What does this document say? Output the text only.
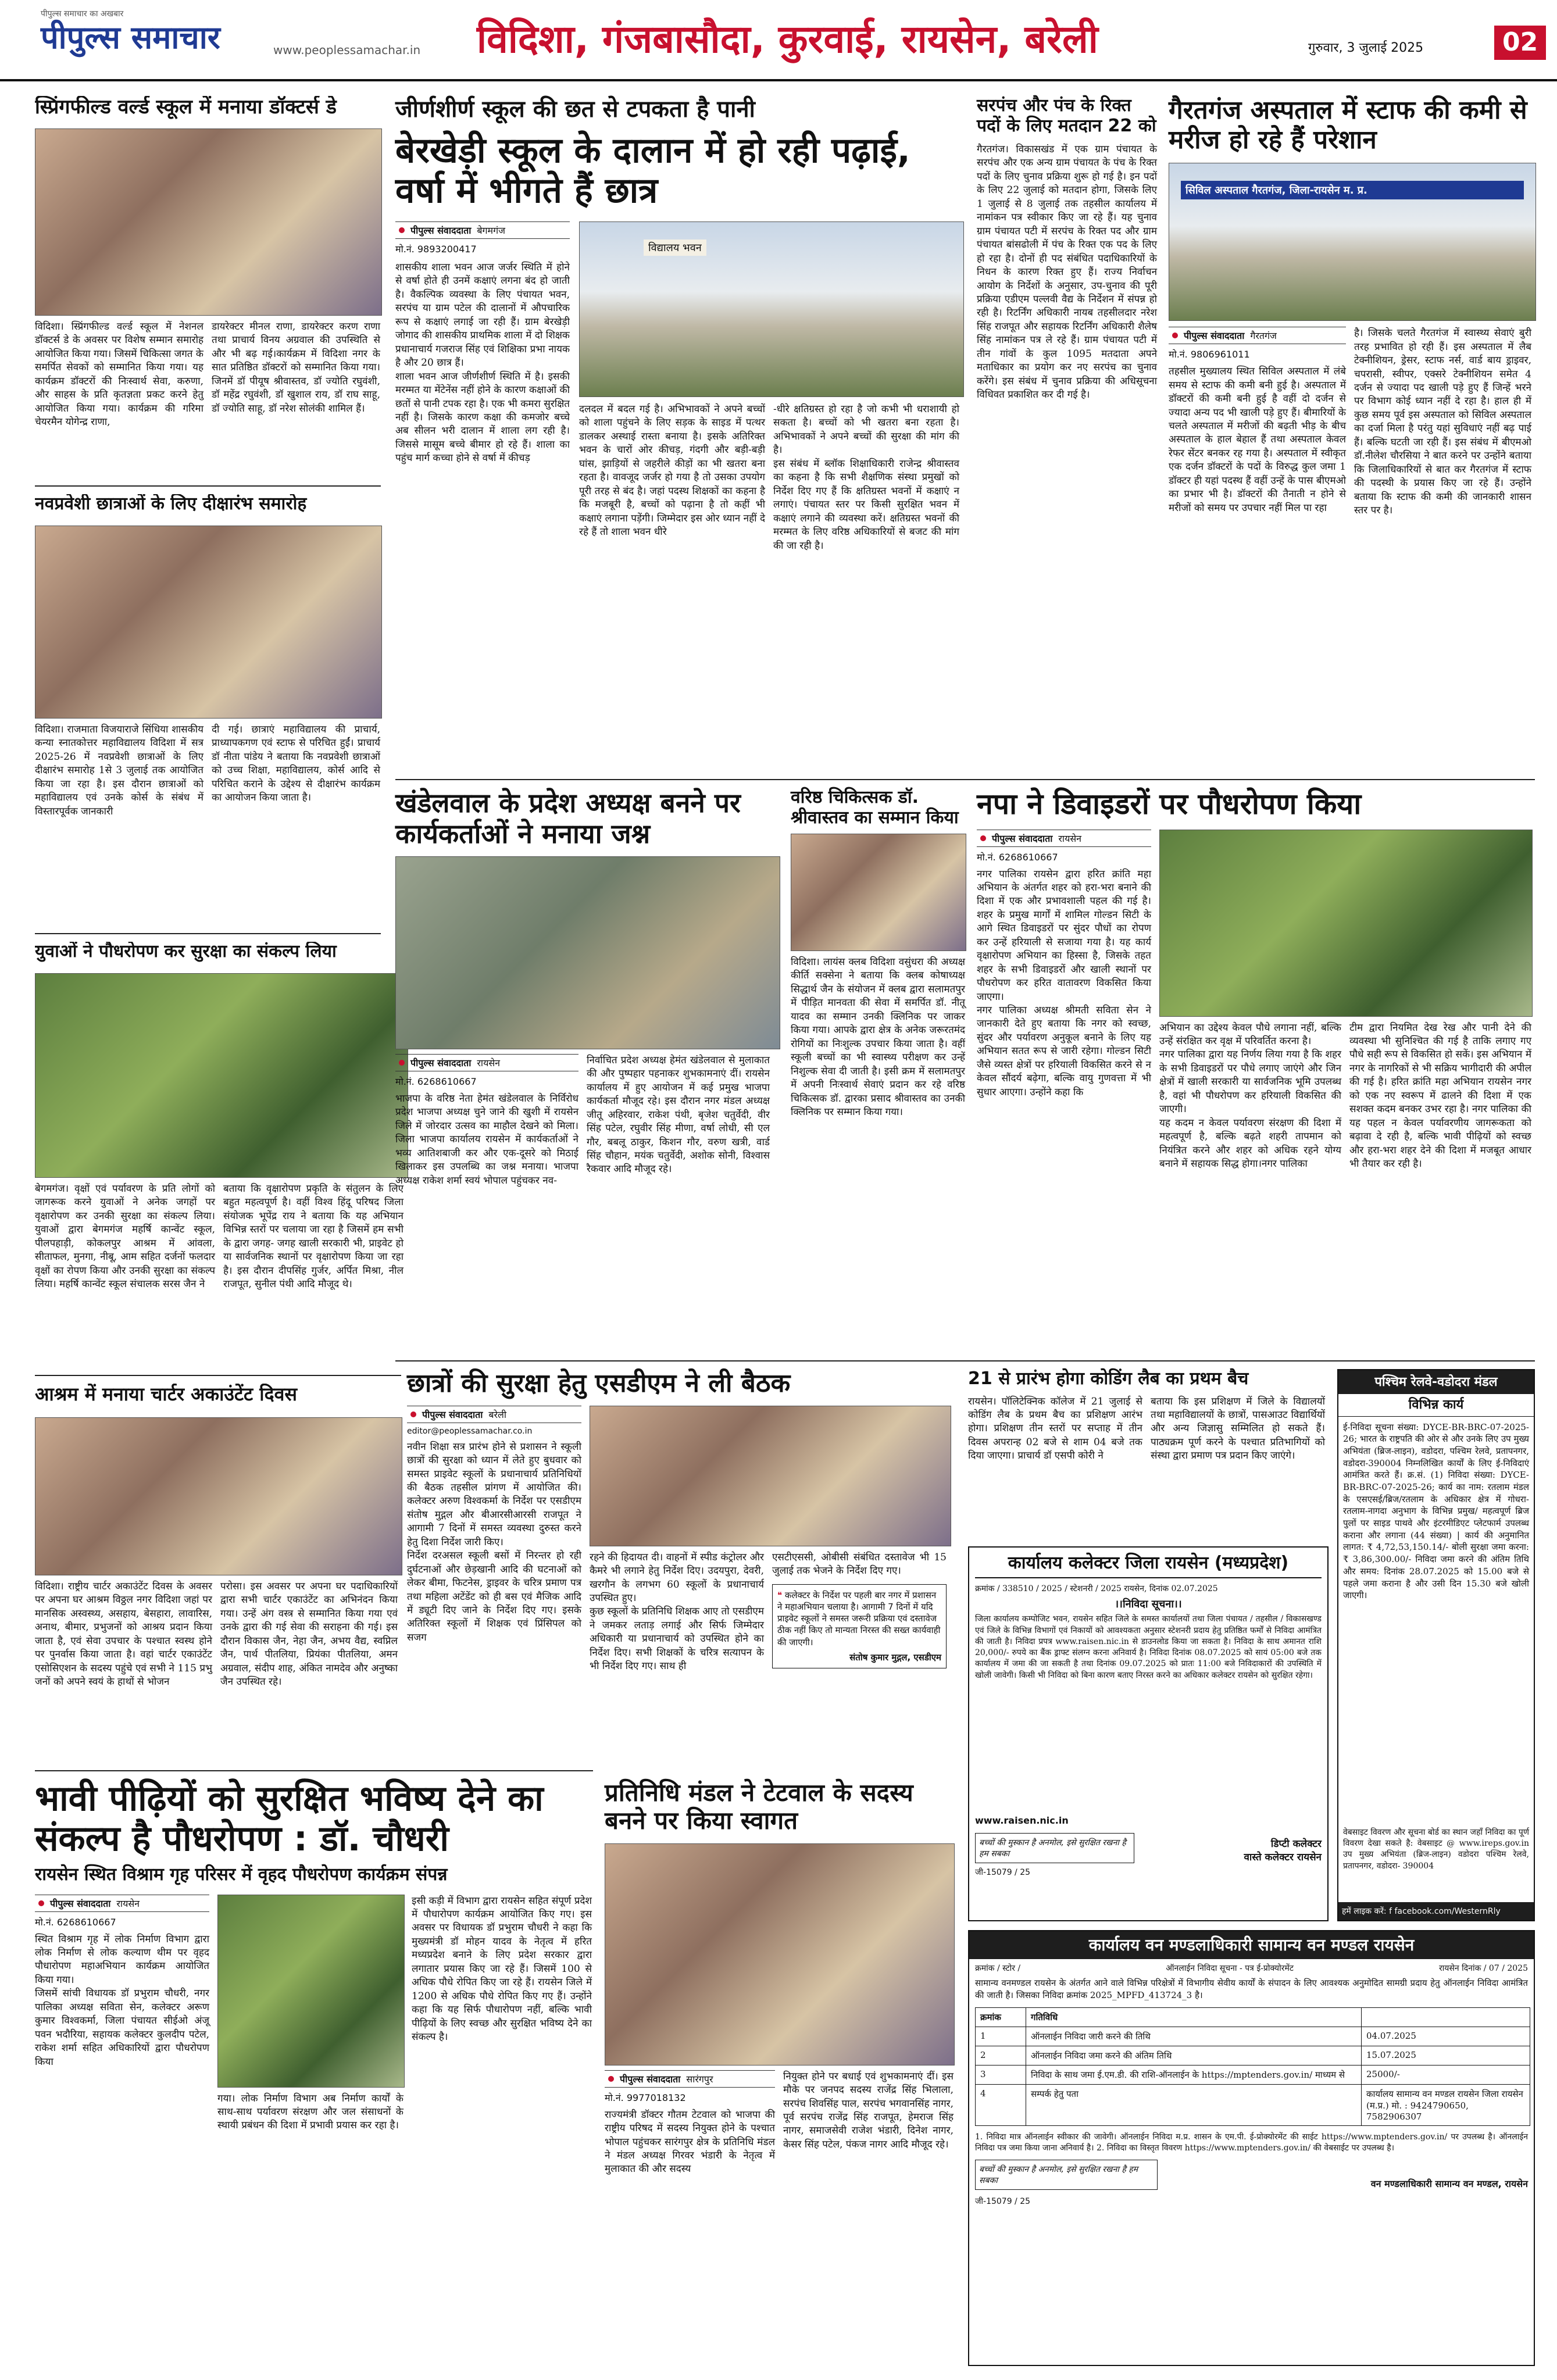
पीपुल्स समाचार का अखबार
पीपुल्स समाचार	www.peoplessamachar.in विदिशा, गंजबासौदा, कुरवाई, रायसेन, बरेली	गुरुवार, 3 जुलाई 2025	02
स्प्रिंगफील्ड वर्ल्ड स्कूल में मनाया डॉक्टर्स डे
विदिशा। स्प्रिंगफील्ड वर्ल्ड स्कूल में नेशनल डॉक्टर्स डे के अवसर पर विशेष सम्मान समारोह आयोजित किया गया। जिसमें चिकित्सा जगत के समर्पित सेवकों को सम्मानित किया गया। यह कार्यक्रम डॉक्टरों की निःस्वार्थ सेवा, करुणा, और साहस के प्रति कृतज्ञता प्रकट करने हेतु आयोजित किया गया। कार्यक्रम की गरिमा चेयरमैन योगेन्द्र राणा,
डायरेक्टर मीनल राणा, डायरेक्टर करण राणा तथा प्राचार्य विनय अग्रवाल की उपस्थिति से और भी बढ़ गई।कार्यक्रम में विदिशा नगर के सात प्रतिष्ठित डॉक्टरों को सम्मानित किया गया। जिनमें डॉ पीयूष श्रीवास्तव, डॉ ज्योति रघुवंशी, डॉ महेंद्र रघुवंशी, डॉ खुशाल राय, डॉ राघ साहू, डॉ ज्योति साहू, डॉ नरेश सोलंकी शामिल हैं।
नवप्रवेशी छात्राओं के लिए दीक्षारंभ समारोह
विदिशा। राजमाता विजयाराजे सिंधिया शासकीय कन्या स्नातकोत्तर महाविद्यालय विदिशा में सत्र 2025-26 में नवप्रवेशी छात्राओं के लिए दीक्षारंभ समारोह 1से 3 जुलाई तक आयोजित किया जा रहा है। इस दौरान छात्राओं को महाविद्यालय एवं उनके कोर्स के संबंध में विस्तारपूर्वक जानकारी
दी गई। छात्राएं महाविद्यालय की प्राचार्य, प्राध्यापकगण एवं स्टाफ से परिचित हुईं। प्राचार्य डॉ नीता पांडेय ने बताया कि नवप्रवेशी छात्राओं को उच्च शिक्षा, महाविद्यालय, कोर्स आदि से परिचित कराने के उद्देश्य से दीक्षारंभ कार्यक्रम का आयोजन किया जाता है।
युवाओं ने पौधरोपण कर सुरक्षा का संकल्प लिया
बेगमगंज। वृक्षों एवं पर्यावरण के प्रति लोगों को जागरूक करने युवाओं ने अनेक जगहों पर वृक्षारोपण कर उनकी सुरक्षा का संकल्प लिया। युवाओं द्वारा बेगमगंज महर्षि कान्वेंट स्कूल, पीलपहाड़ी, कोकलपुर आश्रम में आंवला, सीताफल, मुनगा, नीबू, आम सहित दर्जनों फलदार वृक्षों का रोपण किया और उनकी सुरक्षा का संकल्प लिया। महर्षि कान्वेंट स्कूल संचालक सरस जैन ने
बताया कि वृक्षारोपण प्रकृति के संतुलन के लिए बहुत महत्वपूर्ण है। वहीं विश्व हिंदू परिषद जिला संयोजक भूपेंद्र राय ने बताया कि यह अभियान विभिन्न स्तरों पर चलाया जा रहा है जिसमें हम सभी के द्वारा जगह- जगह खाली सरकारी भी, प्राइवेट हो या सार्वजनिक स्थानों पर वृक्षारोपण किया जा रहा है। इस दौरान दीपसिंह गुर्जर, अर्पित मिश्रा, नील राजपूत, सुनील पंथी आदि मौजूद थे।
आश्रम में मनाया चार्टर अकाउंटेंट दिवस
विदिशा। राष्ट्रीय चार्टर अकाउंटेंट दिवस के अवसर पर अपना घर आश्रम विठ्ठल नगर विदिशा जहां पर मानसिक अस्वस्थ्य, असहाय, बेसहारा, लावारिस, अनाथ, बीमार, प्रभुजनों को आश्रय प्रदान किया जाता है, एवं सेवा उपचार के पश्चात स्वस्थ होने पर पुनर्वास किया जाता है। वहां चार्टर एकाउंटेंट एसोसिएशन के सदस्य पहुंचे एवं सभी ने 115 प्रभु जनों को अपने स्वयं के हाथों से भोजन
परोसा। इस अवसर पर अपना घर पदाधिकारियों द्वारा सभी चार्टर एकाउंटेंट का अभिनंदन किया गया। उन्हें अंग वस्त्र से सम्मानित किया गया एवं उनके द्वारा की गई सेवा की सराहना की गई। इस दौरान विकास जैन, नेहा जैन, अभय वैद्य, स्वप्निल जैन, पार्थ पीतलिया, प्रियंका पीतलिया, अमन अग्रवाल, संदीप शाह, अंकित नामदेव और अनुष्का जैन उपस्थित रहे।
जीर्णशीर्ण स्कूल की छत से टपकता है पानी
बेरखेड़ी स्कूल के दालान में हो रही पढ़ाई, वर्षा में भीगते हैं छात्र
पीपुल्स संवाददाता बेगमगंज
मो.नं. 9893200417
शासकीय शाला भवन आज जर्जर स्थिति में होने से वर्षा होते ही उनमें कक्षाएं लगना बंद हो जाती है। वैकल्पिक व्यवस्था के लिए पंचायत भवन, सरपंच या ग्राम पटेल की दालानों में औपचारिक रूप से कक्षाएं लगाई जा रही हैं। ग्राम बेरखेड़ी जोगाद की शासकीय प्राथमिक शाला में दो शिक्षक प्रधानाचार्य गजराज सिंह एवं शिक्षिका प्रभा नायक है और 20 छात्र हैं।
शाला भवन आज जीर्णशीर्ण स्थिति में है। इसकी मरम्मत या मेंटेनेंस नहीं होने के कारण कक्षाओं की छतों से पानी टपक रहा है। एक भी कमरा सुरक्षित नहीं है। जिसके कारण कक्षा की कमजोर बच्चे अब सीलन भरी दालान में शाला लग रही है। जिससे मासूम बच्चे बीमार हो रहे हैं। शाला का पहुंच मार्ग कच्चा होने से वर्षा में कीचड़
विद्यालय भवन
दलदल में बदल गई है। अभिभावकों ने अपने बच्चों को शाला पहुंचने के लिए सड़क के साइड में पत्थर डालकर अस्थाई रास्ता बनाया है। इसके अतिरिक्त भवन के चारों ओर कीचड़, गंदगी और बड़ी-बड़ी घांस, झाड़ियों से जहरीले कीड़ों का भी खतरा बना रहता है। वावजूद जर्जर हो गया है तो उसका उपयोग पूरी तरह से बंद है। जहां पदस्थ शिक्षकों का कहना है कि मजबूरी है, बच्चों को पढ़ाना है तो कहीं भी कक्षाएं लगाना पड़ेंगी। जिम्मेदार इस ओर ध्यान नहीं दे रहे हैं तो शाला भवन धीरे
-धीरे क्षतिग्रस्त हो रहा है जो कभी भी धराशायी हो सकता है। बच्चों को भी खतरा बना रहता है। अभिभावकों ने अपने बच्चों की सुरक्षा की मांग की है।
इस संबंध में ब्लॉक शिक्षाधिकारी राजेन्द्र श्रीवास्तव का कहना है कि सभी शैक्षणिक संस्था प्रमुखों को निर्देश दिए गए हैं कि क्षतिग्रस्त भवनों में कक्षाएं न लगाएं। पंचायत स्तर पर किसी सुरक्षित भवन में कक्षाएं लगाने की व्यवस्था करें। क्षतिग्रस्त भवनों की मरम्मत के लिए वरिष्ठ अधिकारियों से बजट की मांग की जा रही है।
सरपंच और पंच के रिक्त पदों के लिए मतदान 22 को
गैरतगंज। विकासखंड में एक ग्राम पंचायत के सरपंच और एक अन्य ग्राम पंचायत के पंच के रिक्त पदों के लिए चुनाव प्रक्रिया शुरू हो गई है। इन पदों के लिए 22 जुलाई को मतदान होगा, जिसके लिए 1 जुलाई से 8 जुलाई तक तहसील कार्यालय में नामांकन पत्र स्वीकार किए जा रहे हैं। यह चुनाव ग्राम पंचायत पटी में सरपंच के रिक्त पद और ग्राम पंचायत बांसढोली में पंच के रिक्त एक पद के लिए हो रहा है। दोनों ही पद संबंधित पदाधिकारियों के निधन के कारण रिक्त हुए हैं। राज्य निर्वाचन आयोग के निर्देशों के अनुसार, उप-चुनाव की पूरी प्रक्रिया एडीएम पल्लवी वैद्य के निर्देशन में संपन्न हो रही है। रिटर्निंग अधिकारी नायब तहसीलदार नरेश सिंह राजपूत और सहायक रिटर्निंग अधिकारी शैलेष सिंह नामांकन पत्र ले रहे हैं। ग्राम पंचायत पटी में तीन गांवों के कुल 1095 मतदाता अपने मताधिकार का प्रयोग कर नए सरपंच का चुनाव करेंगे। इस संबंध में चुनाव प्रक्रिया की अधिसूचना विधिवत प्रकाशित कर दी गई है।
गैरतगंज अस्पताल में स्टाफ की कमी से मरीज हो रहे हैं परेशान
सिविल अस्पताल गैरतगंज, जिला-रायसेन म. प्र.
पीपुल्स संवाददाता गैरतगंज
मो.नं. 9806961011
तहसील मुख्यालय स्थित सिविल अस्पताल में लंबे समय से स्टाफ की कमी बनी हुई है। अस्पताल में डॉक्टरों की कमी बनी हुई है वहीं दो दर्जन से ज्यादा अन्य पद भी खाली पड़े हुए हैं। बीमारियों के चलते अस्पताल में मरीजों की बढ़ती भीड़ के बीच अस्पताल के हाल बेहाल हैं तथा अस्पताल केवल रेफर सेंटर बनकर रह गया है। अस्पताल में स्वीकृत एक दर्जन डॉक्टरों के पदों के विरुद्ध कुल जमा 1 डॉक्टर ही यहां पदस्थ हैं वहीं उन्हें के पास बीएमओ का प्रभार भी है। डॉक्टरों की तैनाती न होने से मरीजों को समय पर उपचार नहीं मिल पा रहा
है। जिसके चलते गैरतगंज में स्वास्थ्य सेवाएं बुरी तरह प्रभावित हो रही हैं। इस अस्पताल में लैब टेक्नीशियन, ड्रेसर, स्टाफ नर्स, वार्ड बाय ड्राइवर, चपरासी, स्वीपर, एक्सरे टेक्नीशियन समेत 4 दर्जन से ज्यादा पद खाली पड़े हुए हैं जिन्हें भरने पर विभाग कोई ध्यान नहीं दे रहा है। हाल ही में कुछ समय पूर्व इस अस्पताल को सिविल अस्पताल का दर्जा मिला है परंतु यहां सुविधाएं नहीं बढ़ पाई हैं। बल्कि घटती जा रही हैं। इस संबंध में बीएमओ डॉ.नीलेश चौरसिया ने बात करने पर उन्होंने बताया कि जिलाधिकारियों से बात कर गैरतगंज में स्टाफ की पदस्थी के प्रयास किए जा रहे हैं। उन्होंने बताया कि स्टाफ की कमी की जानकारी शासन स्तर पर है।
खंडेलवाल के प्रदेश अध्यक्ष बनने पर कार्यकर्ताओं ने मनाया जश्न
पीपुल्स संवाददाता रायसेन
मो.नं. 6268610667
भाजपा के वरिष्ठ नेता हेमंत खंडेलवाल के निर्विरोध प्रदेश भाजपा अध्यक्ष चुने जाने की खुशी में रायसेन जिले में जोरदार उत्सव का माहौल देखने को मिला। जिला भाजपा कार्यालय रायसेन में कार्यकर्ताओं ने भव्य आतिशबाजी कर और एक-दूसरे को मिठाई खिलाकर इस उपलब्धि का जश्न मनाया। भाजपा अध्यक्ष राकेश शर्मा स्वयं भोपाल पहुंचकर नव-
निर्वाचित प्रदेश अध्यक्ष हेमंत खंडेलवाल से मुलाकात की और पुष्पहार पहनाकर शुभकामनाएं दीं। रायसेन कार्यालय में हुए आयोजन में कई प्रमुख भाजपा कार्यकर्ता मौजूद रहे। इस दौरान नगर मंडल अध्यक्ष जीतू अहिरवार, राकेश पंथी, बृजेश चतुर्वेदी, वीर सिंह पटेल, रघुवीर सिंह मीणा, वर्षा लोधी, सी एल गौर, बबलू ठाकुर, किशन गौर, वरुण खत्री, वार्ड सिंह चौहान, मयंक चतुर्वेदी, अशोक सोनी, विश्वास रैकवार आदि मौजूद रहे।
वरिष्ठ चिकित्सक डॉ. श्रीवास्तव का सम्मान किया
विदिशा। लायंस क्लब विदिशा वसुंधरा की अध्यक्ष कीर्ति सक्सेना ने बताया कि क्लब कोषाध्यक्ष सिद्धार्थ जैन के संयोजन में क्लब द्वारा सलामतपुर में पीड़ित मानवता की सेवा में समर्पित डॉ. नीतू यादव का सम्मान उनकी क्लिनिक पर जाकर किया गया। आपके द्वारा क्षेत्र के अनेक जरूरतमंद रोगियों का निःशुल्क उपचार किया जाता है। वहीं स्कूली बच्चों का भी स्वास्थ्य परीक्षण कर उन्हें निशुल्क सेवा दी जाती है। इसी क्रम में सलामतपुर में अपनी निःस्वार्थ सेवाएं प्रदान कर रहे वरिष्ठ चिकित्सक डॉ. द्वारका प्रसाद श्रीवास्तव का उनकी क्लिनिक पर सम्मान किया गया।
नपा ने डिवाइडरों पर पौधरोपण किया
पीपुल्स संवाददाता रायसेन
मो.नं. 6268610667
नगर पालिका रायसेन द्वारा हरित क्रांति महा अभियान के अंतर्गत शहर को हरा-भरा बनाने की दिशा में एक और प्रभावशाली पहल की गई है। शहर के प्रमुख मार्गों में शामिल गोल्डन सिटी के आगे स्थित डिवाइडरों पर सुंदर पौधों का रोपण कर उन्हें हरियाली से सजाया गया है। यह कार्य वृक्षारोपण अभियान का हिस्सा है, जिसके तहत शहर के सभी डिवाइडरों और खाली स्थानों पर पौधरोपण कर हरित वातावरण विकसित किया जाएगा।
नगर पालिका अध्यक्ष श्रीमती सविता सेन ने जानकारी देते हुए बताया कि नगर को स्वच्छ, सुंदर और पर्यावरण अनुकूल बनाने के लिए यह अभियान सतत रूप से जारी रहेगा। गोल्डन सिटी जैसे व्यस्त क्षेत्रों पर हरियाली विकसित करने से न केवल सौंदर्य बढ़ेगा, बल्कि वायु गुणवत्ता में भी सुधार आएगा। उन्होंने कहा कि
अभियान का उद्देश्य केवल पौधे लगाना नहीं, बल्कि उन्हें संरक्षित कर वृक्ष में परिवर्तित करना है।
नगर पालिका द्वारा यह निर्णय लिया गया है कि शहर के सभी डिवाइडरों पर पौधे लगाए जाएंगे और जिन क्षेत्रों में खाली सरकारी या सार्वजनिक भूमि उपलब्ध है, वहां भी पौधरोपण कर हरियाली विकसित की जाएगी।
यह कदम न केवल पर्यावरण संरक्षण की दिशा में महत्वपूर्ण है, बल्कि बढ़ते शहरी तापमान को नियंत्रित करने और शहर को अधिक रहने योग्य बनाने में सहायक सिद्ध होगा।नगर पालिका
टीम द्वारा नियमित देख रेख और पानी देने की व्यवस्था भी सुनिश्चित की गई है ताकि लगाए गए पौधे सही रूप से विकसित हो सकें। इस अभियान में नगर के नागरिकों से भी सक्रिय भागीदारी की अपील की गई है। हरित क्रांति महा अभियान रायसेन नगर को एक नए स्वरूप में ढालने की दिशा में एक सशक्त कदम बनकर उभर रहा है। नगर पालिका की यह पहल न केवल पर्यावरणीय जागरूकता को बढ़ावा दे रही है, बल्कि भावी पीढ़ियों को स्वच्छ और हरा-भरा शहर देने की दिशा में मजबूत आधार भी तैयार कर रही है।
छात्रों की सुरक्षा हेतु एसडीएम ने ली बैठक
पीपुल्स संवाददाता बरेली
editor@peoplessamachar.co.in
नवीन शिक्षा सत्र प्रारंभ होने से प्रशासन ने स्कूली छात्रों की सुरक्षा को ध्यान में लेते हुए बुधवार को समस्त प्राइवेट स्कूलों के प्रधानाचार्य प्रतिनिधियों की बैठक तहसील प्रांगण में आयोजित की। कलेक्टर अरुण विश्वकर्मा के निर्देश पर एसडीएम संतोष मुद्गल और बीआरसीआरसी राजपूत ने आगामी 7 दिनों में समस्त व्यवस्था दुरुस्त करने हेतु दिशा निर्देश जारी किए।
निर्देश दरअसल स्कूली बसों में निरन्तर हो रही दुर्घटनाओं और छेड़खानी आदि की घटनाओं को लेकर बीमा, फिटनेस, ड्राइवर के चरित्र प्रमाण पत्र तथा महिला अटेंडेंट को ही बस एवं मैजिक आदि में ड्यूटी दिए जाने के निर्देश दिए गए। इसके अतिरिक्त स्कूलों में शिक्षक एवं प्रिंसिपल को सजग
रहने की हिदायत दी। वाहनों में स्पीड कंट्रोलर और कैमरे भी लगाने हेतु निर्देश दिए। उदयपुरा, देवरी, खरगौन के लगभग 60 स्कूलों के प्रधानाचार्य उपस्थित हुए।
कुछ स्कूलों के प्रतिनिधि शिक्षक आए तो एसडीएम ने जमकर लताड़ लगाई और सिर्फ जिम्मेदार अधिकारी या प्रधानाचार्य को उपस्थित होने का निर्देश दिए। सभी शिक्षकों के चरित्र सत्यापन के भी निर्देश दिए गए। साथ ही
एसटीएससी, ओबीसी संबंधित दस्तावेज भी 15 जुलाई तक भेजने के निर्देश दिए गए।
❝ कलेक्टर के निर्देश पर पहली बार नगर में प्रशासन ने महाअभियान चलाया है। आगामी 7 दिनों में यदि प्राइवेट स्कूलों ने समस्त जरूरी प्रक्रिया एवं दस्तावेज ठीक नहीं किए तो मान्यता निरस्त की सख्त कार्यवाही की जाएगी।
संतोष कुमार मुद्गल, एसडीएम
21 से प्रारंभ होगा कोडिंग लैब का प्रथम बैच
रायसेन। पॉलिटेक्निक कॉलेज में 21 जुलाई से कोडिंग लैब के प्रथम बैच का प्रशिक्षण आरंभ होगा। प्रशिक्षण तीन स्तरों पर सप्ताह में तीन दिवस अपरान्ह 02 बजे से शाम 04 बजे तक दिया जाएगा। प्राचार्य डॉ एसपी कोरी ने
बताया कि इस प्रशिक्षण में जिले के विद्यालयों तथा महाविद्यालयों के छात्रों, पासआउट विद्यार्थियों और अन्य जिज्ञासु सम्मिलित हो सकते हैं। पाठ्यक्रम पूर्ण करने के पश्चात प्रतिभागियों को संस्था द्वारा प्रमाण पत्र प्रदान किए जाएंगे।
कार्यालय कलेक्टर जिला रायसेन (मध्यप्रदेश)
क्रमांक / 338510 / 2025 / स्टेशनरी / 2025 रायसेन, दिनांक 02.07.2025
।।निविदा सूचना।।
जिला कार्यालय कम्पोजिट भवन, रायसेन सहित जिले के समस्त कार्यालयों तथा जिला पंचायत / तहसील / विकासखण्ड एवं जिले के विभिन्न विभागों एवं निकायों को आवश्यकता अनुसार स्टेशनरी प्रदाय हेतु प्रतिष्ठित फर्मों से निविदा आमंत्रित की जाती है। निविदा प्रपत्र www.raisen.nic.in से डाउनलोड किया जा सकता है। निविदा के साथ अमानत राशि 20,000/- रुपये का बैंक ड्राफ्ट संलग्न करना अनिवार्य है। निविदा दिनांक 08.07.2025 को सायं 05:00 बजे तक कार्यालय में जमा की जा सकती है तथा दिनांक 09.07.2025 को प्रातः 11:00 बजे निविदाकारों की उपस्थिति में खोली जावेगी। किसी भी निविदा को बिना कारण बताए निरस्त करने का अधिकार कलेक्टर रायसेन को सुरक्षित रहेगा।
www.raisen.nic.in
बच्चों की मुस्कान है अनमोल, इसे सुरक्षित रखना है हम सबका
डिप्टी कलेक्टर
वास्ते कलेक्टर रायसेन
जी-15079 / 25
पश्चिम रेलवे-वडोदरा मंडल
विभिन्न कार्य
ई-निविदा सूचना संख्या: DYCE-BR-BRC-07-2025-26; भारत के राष्ट्रपति की ओर से और उनके लिए उप मुख्य अभियंता (ब्रिज-लाइन), वडोदरा, पश्चिम रेलवे, प्रतापनगर, वडोदरा-390004 निम्नलिखित कार्यों के लिए ई-निविदाएं आमंत्रित करते हैं। क्र.सं. (1) निविदा संख्या: DYCE-BR-BRC-07-2025-26; कार्य का नाम: रतलाम मंडल के एसएसई/ब्रिज/रतलाम के अधिकार क्षेत्र में गोधरा-रतलाम-नागदा अनुभाग के विभिन्न प्रमुख/ महत्वपूर्ण ब्रिज पुलों पर साइड पाथवे और इंटरमीडिएट प्लेटफार्म उपलब्ध कराना और लगाना (44 संख्या) | कार्य की अनुमानित लागत: ₹ 4,72,53,150.14/- बोली सुरक्षा जमा करना: ₹ 3,86,300.00/- निविदा जमा करने की अंतिम तिथि और समय: दिनांक 28.07.2025 को 15.00 बजे से पहले जमा कराना है और उसी दिन 15.30 बजे खोली जाएगी।
वेबसाइट विवरण और सूचना बोर्ड का स्थान जहाँ निविदा का पूर्ण विवरण देखा सकते है: वेबसाइट @ www.ireps.gov.in उप मुख्य अभियंता (ब्रिज-लाइन) वडोदरा पश्चिम रेलवे, प्रतापनगर, वडोदरा- 390004
हमें लाइक करें: f facebook.com/WesternRly
भावी पीढ़ियों को सुरक्षित भविष्य देने का संकल्प है पौधरोपण : डॉ. चौधरी
रायसेन स्थित विश्राम गृह परिसर में वृहद पौधरोपण कार्यक्रम संपन्न
पीपुल्स संवाददाता रायसेन
मो.नं. 6268610667
स्थित विश्राम गृह में लोक निर्माण विभाग द्वारा लोक निर्माण से लोक कल्याण थीम पर वृहद पौधारोपण महाअभियान कार्यक्रम आयोजित किया गया।
जिसमें सांची विधायक डॉ प्रभुराम चौधरी, नगर पालिका अध्यक्ष सविता सेन, कलेक्टर अरूण कुमार विश्वकर्मा, जिला पंचायत सीईओ अंजू पवन भदौरिया, सहायक कलेक्टर कुलदीप पटेल, राकेश शर्मा सहित अधिकारियों द्वारा पौधरोपण किया
गया। लोक निर्माण विभाग अब निर्माण कार्यों के साथ-साथ पर्यावरण संरक्षण और जल संसाधनों के स्थायी प्रबंधन की दिशा में प्रभावी प्रयास कर रहा है।
इसी कड़ी में विभाग द्वारा रायसेन सहित संपूर्ण प्रदेश में पौधारोपण कार्यक्रम आयोजित किए गए। इस अवसर पर विधायक डॉ प्रभुराम चौधरी ने कहा कि मुख्यमंत्री डॉ मोहन यादव के नेतृत्व में हरित मध्यप्रदेश बनाने के लिए प्रदेश सरकार द्वारा लगातार प्रयास किए जा रहे हैं। जिसमें 100 से अधिक पौधे रोपित किए जा रहे हैं। रायसेन जिले में 1200 से अधिक पौधे रोपित किए गए हैं। उन्होंने कहा कि यह सिर्फ पौधारोपण नहीं, बल्कि भावी पीढ़ियों के लिए स्वच्छ और सुरक्षित भविष्य देने का संकल्प है।
प्रतिनिधि मंडल ने टेटवाल के सदस्य बनने पर किया स्वागत
पीपुल्स संवाददाता सारंगपुर
मो.नं. 9977018132
राज्यमंत्री डॉक्टर गौतम टेटवाल को भाजपा की राष्ट्रीय परिषद में सदस्य नियुक्त होने के पश्चात भोपाल पहुंचकर सारंगपुर क्षेत्र के प्रतिनिधि मंडल ने मंडल अध्यक्ष गिरवर भंडारी के नेतृत्व में मुलाकात की और सदस्य
नियुक्त होने पर बधाई एवं शुभकामनाएं दीं। इस मौके पर जनपद सदस्य राजेंद्र सिंह भिलाला, सरपंच शिवसिंह पाल, सरपंच भगवानसिंह नागर, पूर्व सरपंच राजेंद्र सिंह राजपूत, हेमराज सिंह नागर, समाजसेवी राजेश भंडारी, दिनेश नागर, केसर सिंह पटेल, पंकज नागर आदि मौजूद रहे।
कार्यालय वन मण्डलाधिकारी सामान्य वन मण्डल रायसेन
क्रमांक / स्टोर /	ऑनलाईन निविदा सूचना - पत्र ई-प्रोक्योरमेंट	रायसेन दिनांक / 07 / 2025
सामान्य वनमण्डल रायसेन के अंतर्गत आने वाले विभिन्न परिक्षेत्रों में विभागीय सेवीय कार्यों के संपादन के लिए आवश्यक अनुमोदित सामग्री प्रदाय हेतु ऑनलाईन निविदा आमंत्रित की जाती है। जिसका निविदा क्रमांक 2025_MPFD_413724_3 है।
क्रमांक	गतिविधि	
1	ऑनलाईन निविदा जारी करने की तिथि	04.07.2025
2	ऑनलाईन निविदा जमा करने की अंतिम तिथि	15.07.2025
3	निविदा के साथ जमा ई.एम.डी. की राशि-ऑनलाईन के https://mptenders.gov.in/ माध्यम से	25000/-
4	सम्पर्क हेतु पता	कार्यालय सामान्य वन मण्डल रायसेन जिला रायसेन (म.प्र.) मो. : 9424790650, 7582906307
1. निविदा मात्र ऑनलाईन स्वीकार की जावेगी। ऑनलाईन निविदा म.प्र. शासन के एम.पी. ई-प्रोक्योरमेंट की साईट https://www.mptenders.gov.in/ पर उपलब्ध है। ऑनलाईन निविदा पत्र जमा किया जाना अनिवार्य है। 2. निविदा का विस्तृत विवरण https://www.mptenders.gov.in/ की वेबसाईट पर उपलब्ध है।
बच्चों की मुस्कान है अनमोल, इसे सुरक्षित रखना है हम सबका	वन मण्डलाधिकारी सामान्य वन मण्डल, रायसेन
जी-15079 / 25
